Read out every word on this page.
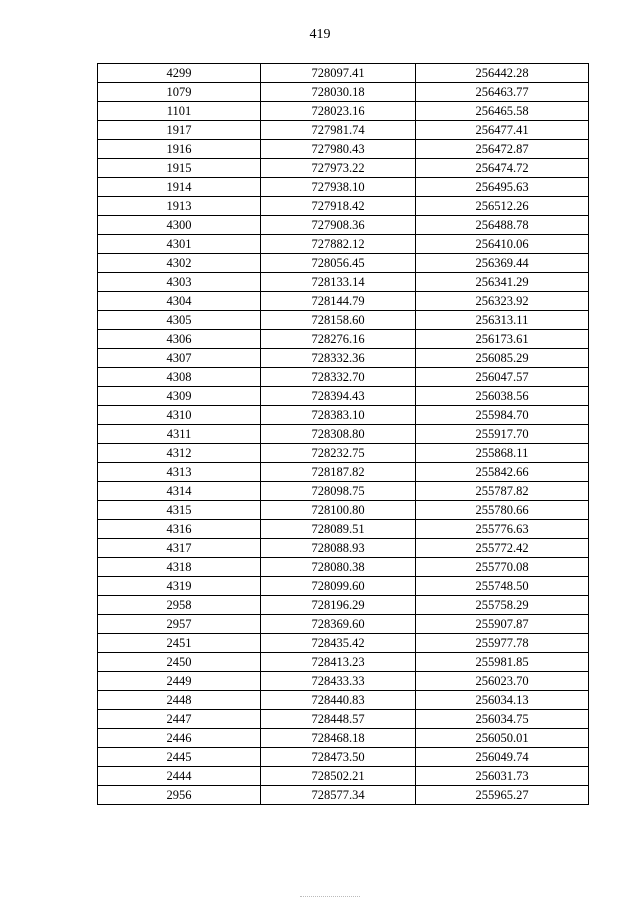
419
4299	728097.41	256442.28
1079	728030.18	256463.77
1101	728023.16	256465.58
1917	727981.74	256477.41
1916	727980.43	256472.87
1915	727973.22	256474.72
1914	727938.10	256495.63
1913	727918.42	256512.26
4300	727908.36	256488.78
4301	727882.12	256410.06
4302	728056.45	256369.44
4303	728133.14	256341.29
4304	728144.79	256323.92
4305	728158.60	256313.11
4306	728276.16	256173.61
4307	728332.36	256085.29
4308	728332.70	256047.57
4309	728394.43	256038.56
4310	728383.10	255984.70
4311	728308.80	255917.70
4312	728232.75	255868.11
4313	728187.82	255842.66
4314	728098.75	255787.82
4315	728100.80	255780.66
4316	728089.51	255776.63
4317	728088.93	255772.42
4318	728080.38	255770.08
4319	728099.60	255748.50
2958	728196.29	255758.29
2957	728369.60	255907.87
2451	728435.42	255977.78
2450	728413.23	255981.85
2449	728433.33	256023.70
2448	728440.83	256034.13
2447	728448.57	256034.75
2446	728468.18	256050.01
2445	728473.50	256049.74
2444	728502.21	256031.73
2956	728577.34	255965.27
